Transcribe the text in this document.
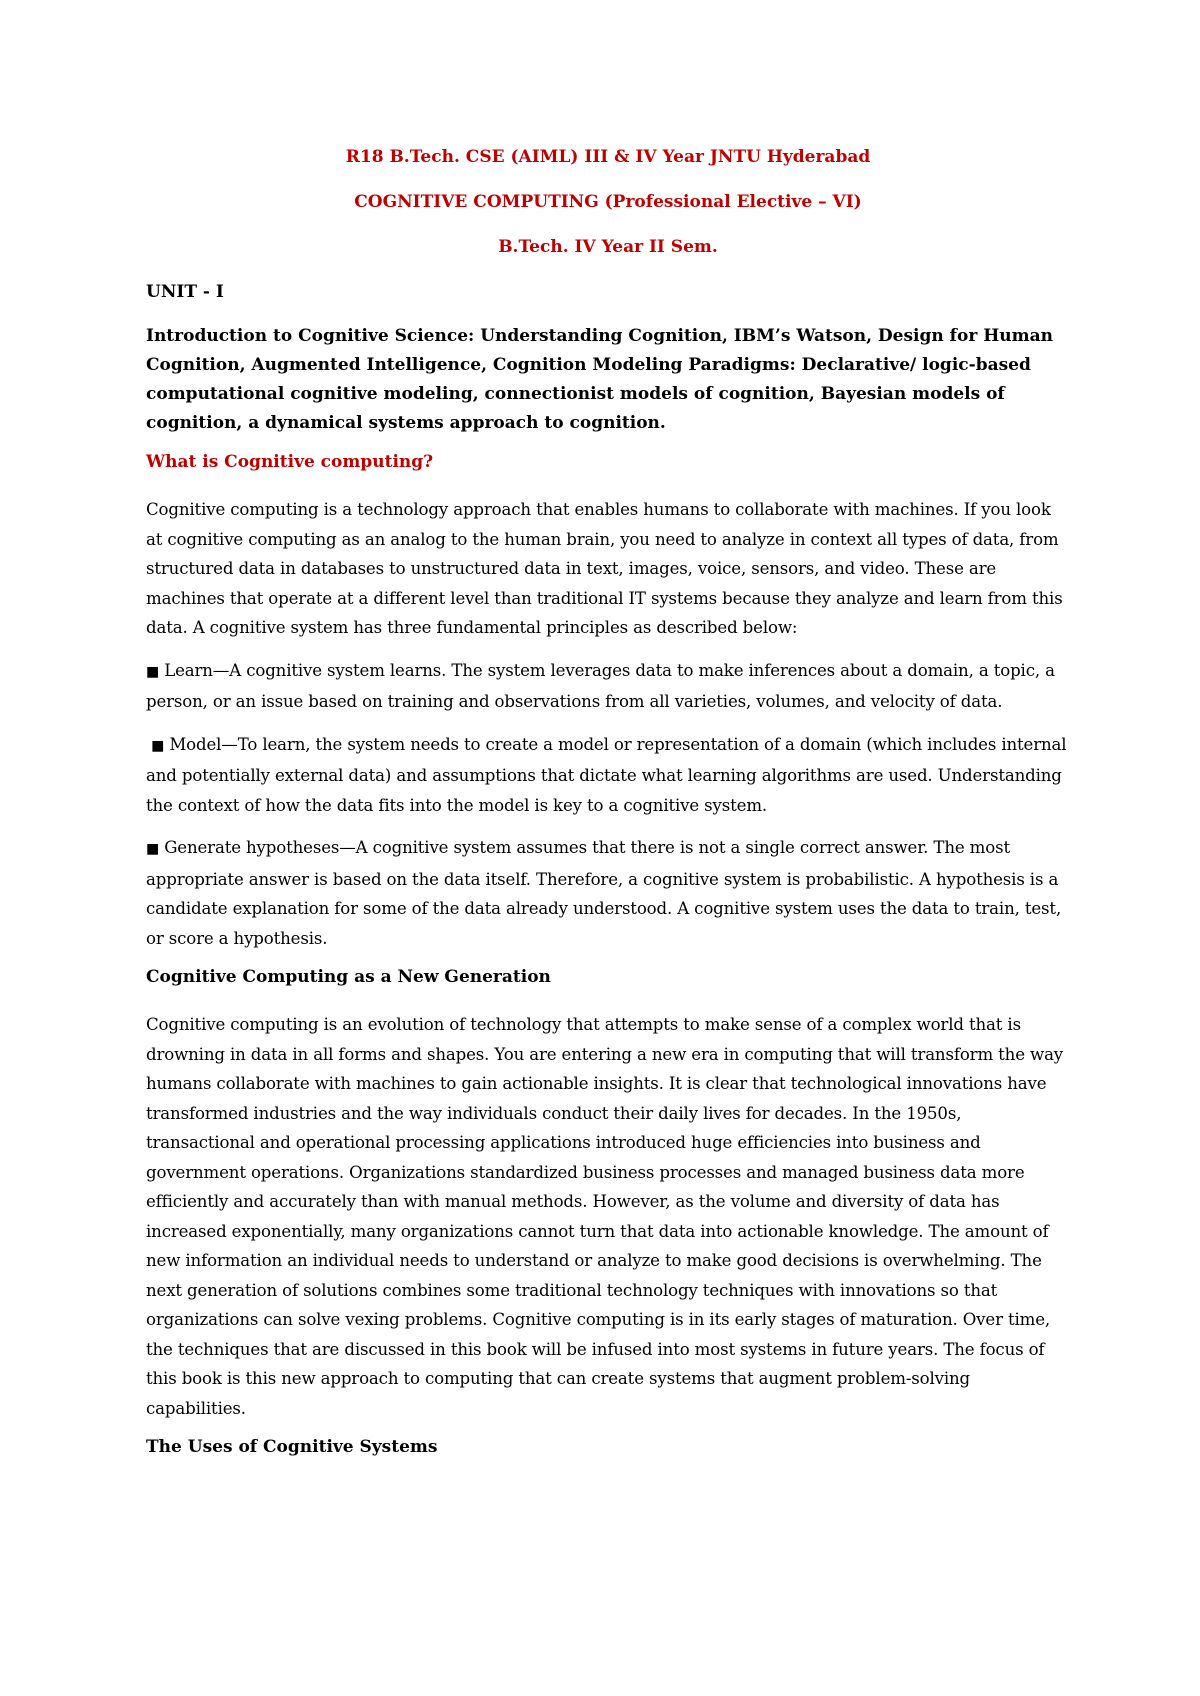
R18 B.Tech. CSE (AIML) III & IV Year JNTU Hyderabad

COGNITIVE COMPUTING (Professional Elective – VI)

B.Tech. IV Year II Sem.

UNIT - I

Introduction to Cognitive Science: Understanding Cognition, IBM’s Watson, Design for Human Cognition, Augmented Intelligence, Cognition Modeling Paradigms: Declarative/ logic-based computational cognitive modeling, connectionist models of cognition, Bayesian models of cognition, a dynamical systems approach to cognition.

What is Cognitive computing?

Cognitive computing is a technology approach that enables humans to collaborate with machines. If you look at cognitive computing as an analog to the human brain, you need to analyze in context all types of data, from structured data in databases to unstructured data in text, images, voice, sensors, and video. These are machines that operate at a different level than traditional IT systems because they analyze and learn from this data. A cognitive system has three fundamental principles as described below:

■ Learn—A cognitive system learns. The system leverages data to make inferences about a domain, a topic, a person, or an issue based on training and observations from all varieties, volumes, and velocity of data.

■ Model—To learn, the system needs to create a model or representation of a domain (which includes internal and potentially external data) and assumptions that dictate what learning algorithms are used. Understanding the context of how the data fits into the model is key to a cognitive system.

■ Generate hypotheses—A cognitive system assumes that there is not a single correct answer. The most appropriate answer is based on the data itself. Therefore, a cognitive system is probabilistic. A hypothesis is a candidate explanation for some of the data already understood. A cognitive system uses the data to train, test, or score a hypothesis.

Cognitive Computing as a New Generation

Cognitive computing is an evolution of technology that attempts to make sense of a complex world that is drowning in data in all forms and shapes. You are entering a new era in computing that will transform the way humans collaborate with machines to gain actionable insights. It is clear that technological innovations have transformed industries and the way individuals conduct their daily lives for decades. In the 1950s, transactional and operational processing applications introduced huge efficiencies into business and government operations. Organizations standardized business processes and managed business data more efficiently and accurately than with manual methods. However, as the volume and diversity of data has increased exponentially, many organizations cannot turn that data into actionable knowledge. The amount of new information an individual needs to understand or analyze to make good decisions is overwhelming. The next generation of solutions combines some traditional technology techniques with innovations so that organizations can solve vexing problems. Cognitive computing is in its early stages of maturation. Over time, the techniques that are discussed in this book will be infused into most systems in future years. The focus of this book is this new approach to computing that can create systems that augment problem-solving capabilities.

The Uses of Cognitive Systems
